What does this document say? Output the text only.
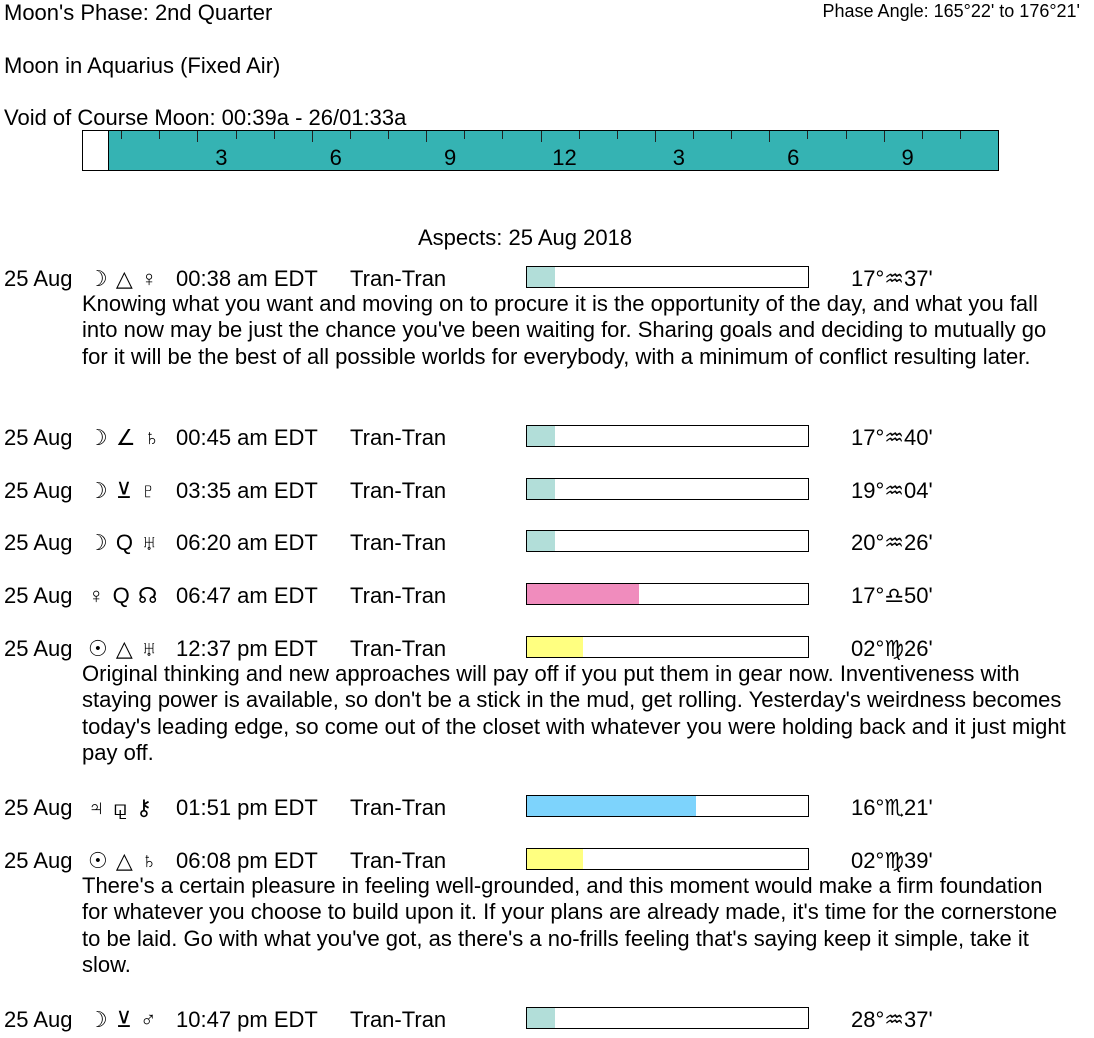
Moon's Phase: 2nd Quarter	Phase Angle: 165°22' to 176°21'
Moon in Aquarius (Fixed Air)
Void of Course Moon: 00:39a - 26/01:33a
3	6	9	12	3	6	9
Aspects: 25 Aug 2018
25 Aug ☽ △ ♀ 00:38 am EDT Tran-Tran	17°♒37'
Knowing what you want and moving on to procure it is the opportunity of the day, and what you fall into now may be just the chance you've been waiting for. Sharing goals and deciding to mutually go for it will be the best of all possible worlds for everybody, with a minimum of conflict resulting later.
25 Aug ☽ ∠ ♄ 00:45 am EDT Tran-Tran	17°♒40'
25 Aug ☽ ⊻ ♇ 03:35 am EDT Tran-Tran	19°♒04'
25 Aug ☽ Q ♅ 06:20 am EDT Tran-Tran	20°♒26'
25 Aug ♀ Q ☊ 06:47 am EDT Tran-Tran	17°♎50'
25 Aug ☉ △ ♅ 12:37 pm EDT Tran-Tran	02°♍26'
Original thinking and new approaches will pay off if you put them in gear now. Inventiveness with staying power is available, so don't be a stick in the mud, get rolling. Yesterday's weirdness becomes today's leading edge, so come out of the closet with whatever you were holding back and it just might pay off.
25 Aug ♃ ⚼ ⚷ 01:51 pm EDT Tran-Tran	16°♏21'
25 Aug ☉ △ ♄ 06:08 pm EDT Tran-Tran	02°♍39'
There's a certain pleasure in feeling well-grounded, and this moment would make a firm foundation for whatever you choose to build upon it. If your plans are already made, it's time for the cornerstone to be laid. Go with what you've got, as there's a no-frills feeling that's saying keep it simple, take it slow.
25 Aug ☽ ⊻ ♂ 10:47 pm EDT Tran-Tran	28°♒37'
